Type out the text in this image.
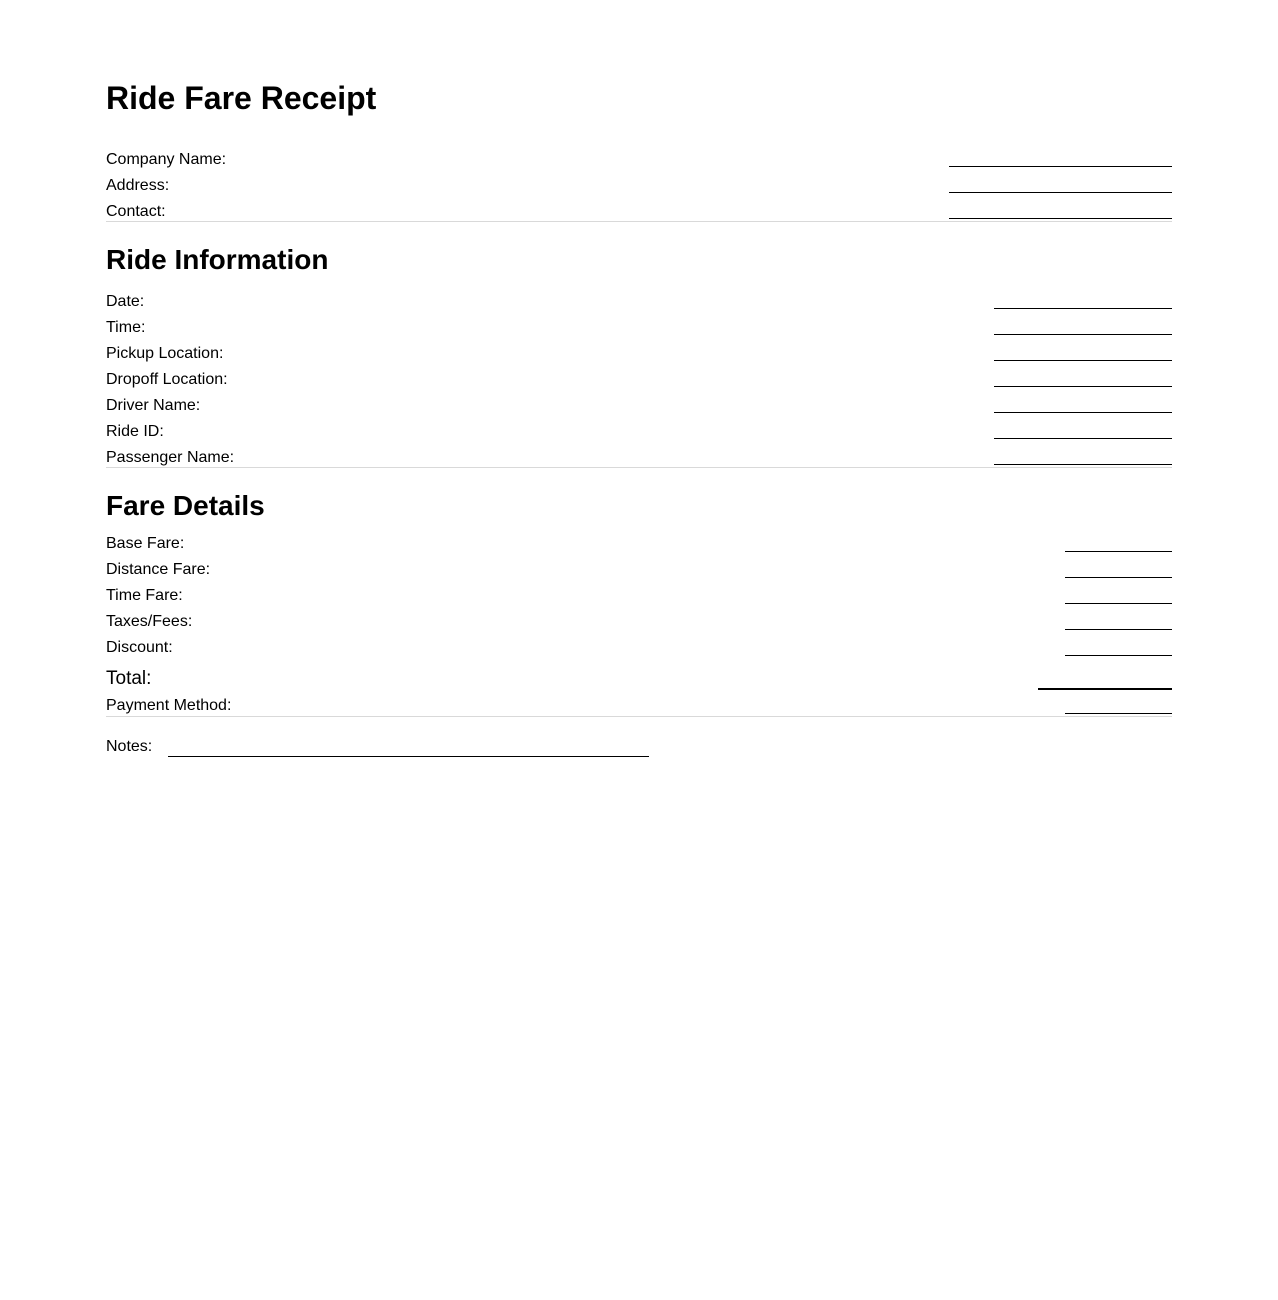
Ride Fare Receipt
Company Name:
Address:
Contact:
Ride Information
Date:
Time:
Pickup Location:
Dropoff Location:
Driver Name:
Ride ID:
Passenger Name:
Fare Details
Base Fare:
Distance Fare:
Time Fare:
Taxes/Fees:
Discount:
Total:
Payment Method:
Notes:
